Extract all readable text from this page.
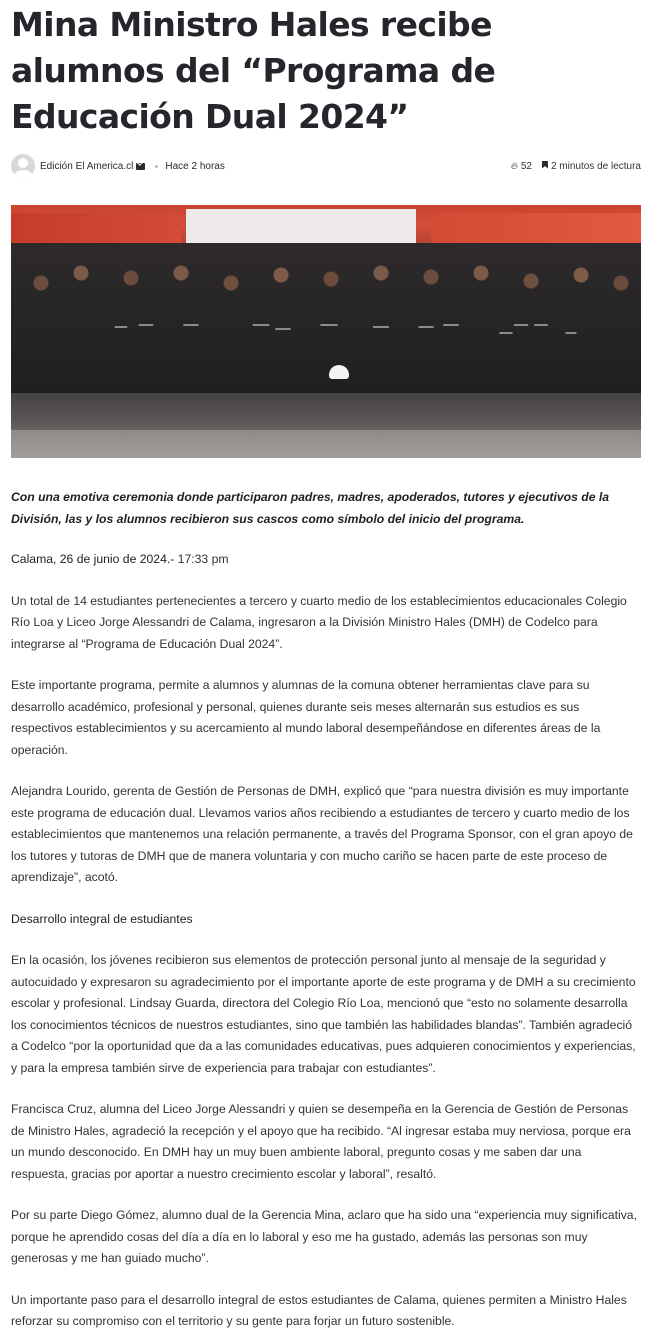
Mina Ministro Hales recibe alumnos del “Programa de Educación Dual 2024”
Edición El America.cl	Hace 2 horas	🔥︎ 52	2 minutos de lectura

Con una emotiva ceremonia donde participaron padres, madres, apoderados, tutores y ejecutivos de la División, las y los alumnos recibieron sus cascos como símbolo del inicio del programa.

Calama, 26 de junio de 2024.- 17:33 pm

Un total de 14 estudiantes pertenecientes a tercero y cuarto medio de los establecimientos educacionales Colegio Río Loa y Liceo Jorge Alessandri de Calama, ingresaron a la División Ministro Hales (DMH) de Codelco para integrarse al “Programa de Educación Dual 2024”.

Este importante programa, permite a alumnos y alumnas de la comuna obtener herramientas clave para su desarrollo académico, profesional y personal, quienes durante seis meses alternarán sus estudios es sus respectivos establecimientos y su acercamiento al mundo laboral desempeñándose en diferentes áreas de la operación.

Alejandra Lourido, gerenta de Gestión de Personas de DMH, explicó que “para nuestra división es muy importante este programa de educación dual. Llevamos varios años recibiendo a estudiantes de tercero y cuarto medio de los establecimientos que mantenemos una relación permanente, a través del Programa Sponsor, con el gran apoyo de los tutores y tutoras de DMH que de manera voluntaria y con mucho cariño se hacen parte de este proceso de aprendizaje”, acotó.

Desarrollo integral de estudiantes

En la ocasión, los jóvenes recibieron sus elementos de protección personal junto al mensaje de la seguridad y autocuidado y expresaron su agradecimiento por el importante aporte de este programa y de DMH a su crecimiento escolar y profesional. Lindsay Guarda, directora del Colegio Río Loa, mencionó que “esto no solamente desarrolla los conocimientos técnicos de nuestros estudiantes, sino que también las habilidades blandas”. También agradeció a Codelco “por la oportunidad que da a las comunidades educativas, pues adquieren conocimientos y experiencias, y para la empresa también sirve de experiencia para trabajar con estudiantes”.

Francisca Cruz, alumna del Liceo Jorge Alessandri y quien se desempeña en la Gerencia de Gestión de Personas de Ministro Hales, agradeció la recepción y el apoyo que ha recibido. “Al ingresar estaba muy nerviosa, porque era un mundo desconocido. En DMH hay un muy buen ambiente laboral, pregunto cosas y me saben dar una respuesta, gracias por aportar a nuestro crecimiento escolar y laboral”, resaltó.

Por su parte Diego Gómez, alumno dual de la Gerencia Mina, aclaro que ha sido una “experiencia muy significativa, porque he aprendido cosas del día a día en lo laboral y eso me ha gustado, además las personas son muy generosas y me han guiado mucho”.

Un importante paso para el desarrollo integral de estos estudiantes de Calama, quienes permiten a Ministro Hales reforzar su compromiso con el territorio y su gente para forjar un futuro sostenible.
